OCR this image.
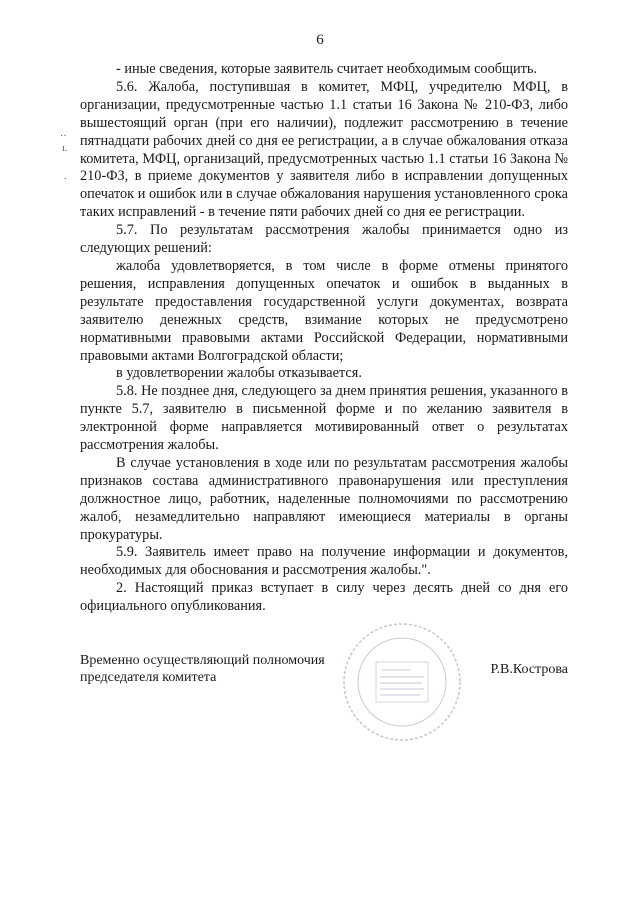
6

- иные сведения, которые заявитель считает необходимым сообщить.

5.6. Жалоба, поступившая в комитет, МФЦ, учредителю МФЦ, в организации, предусмотренные частью 1.1 статьи 16 Закона № 210-ФЗ, либо вышестоящий орган (при его наличии), подлежит рассмотрению в течение пятнадцати рабочих дней со дня ее регистрации, а в случае обжалования отказа комитета, МФЦ, организаций, предусмотренных частью 1.1 статьи 16 Закона № 210-ФЗ, в приеме документов у заявителя либо в исправлении допущенных опечаток и ошибок или в случае обжалования нарушения установленного срока таких исправлений - в течение пяти рабочих дней со дня ее регистрации.

5.7. По результатам рассмотрения жалобы принимается одно из следующих решений:

жалоба удовлетворяется, в том числе в форме отмены принятого решения, исправления допущенных опечаток и ошибок в выданных в результате предоставления государственной услуги документах, возврата заявителю денежных средств, взимание которых не предусмотрено нормативными правовыми актами Российской Федерации, нормативными правовыми актами Волгоградской области;

в удовлетворении жалобы отказывается.

5.8. Не позднее дня, следующего за днем принятия решения, указанного в пункте 5.7, заявителю в письменной форме и по желанию заявителя в электронной форме направляется мотивированный ответ о результатах рассмотрения жалобы.

В случае установления в ходе или по результатам рассмотрения жалобы признаков состава административного правонарушения или преступления должностное лицо, работник, наделенные полномочиями по рассмотрению жалоб, незамедлительно направляют имеющиеся материалы в органы прокуратуры.

5.9. Заявитель имеет право на получение информации и документов, необходимых для обоснования и рассмотрения жалобы.".

2. Настоящий приказ вступает в силу через десять дней со дня его официального опубликования.

Временно осуществляющий полномочия
председателя комитета
Р.В.Кострова
··
ı.
.
